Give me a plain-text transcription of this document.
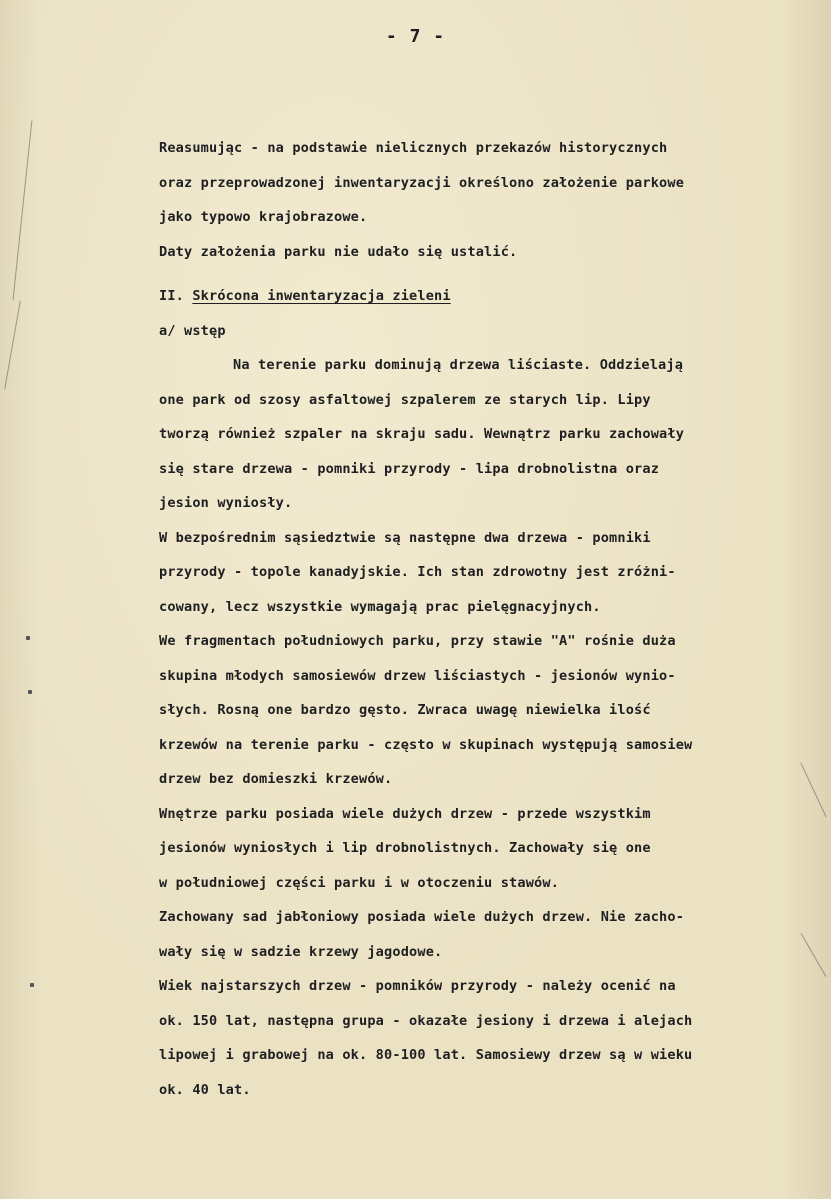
- 7 -
Reasumując - na podstawie nielicznych przekazów historycznych
oraz przeprowadzonej inwentaryzacji określono założenie parkowe
jako typowo krajobrazowe.
Daty założenia parku nie udało się ustalić.
II. Skrócona inwentaryzacja zieleni
a/ wstęp
Na terenie parku dominują drzewa liściaste. Oddzielają
one park od szosy asfaltowej szpalerem ze starych lip. Lipy
tworzą również szpaler na skraju sadu. Wewnątrz parku zachowały
się stare drzewa - pomniki przyrody - lipa drobnolistna oraz
jesion wyniosły.
W bezpośrednim sąsiedztwie są następne dwa drzewa - pomniki
przyrody - topole kanadyjskie. Ich stan zdrowotny jest zróżni-
cowany, lecz wszystkie wymagają prac pielęgnacyjnych.
We fragmentach południowych parku, przy stawie "A" rośnie duża
skupina młodych samosiewów drzew liściastych - jesionów wynio-
słych. Rosną one bardzo gęsto. Zwraca uwagę niewielka ilość
krzewów na terenie parku - często w skupinach występują samosiew
drzew bez domieszki krzewów.
Wnętrze parku posiada wiele dużych drzew - przede wszystkim
jesionów wyniosłych i lip drobnolistnych. Zachowały się one
w południowej części parku i w otoczeniu stawów.
Zachowany sad jabłoniowy posiada wiele dużych drzew. Nie zacho-
wały się w sadzie krzewy jagodowe.
Wiek najstarszych drzew - pomników przyrody - należy ocenić na
ok. 150 lat, następna grupa - okazałe jesiony i drzewa i alejach
lipowej i grabowej na ok. 80-100 lat. Samosiewy drzew są w wieku
ok. 40 lat.
